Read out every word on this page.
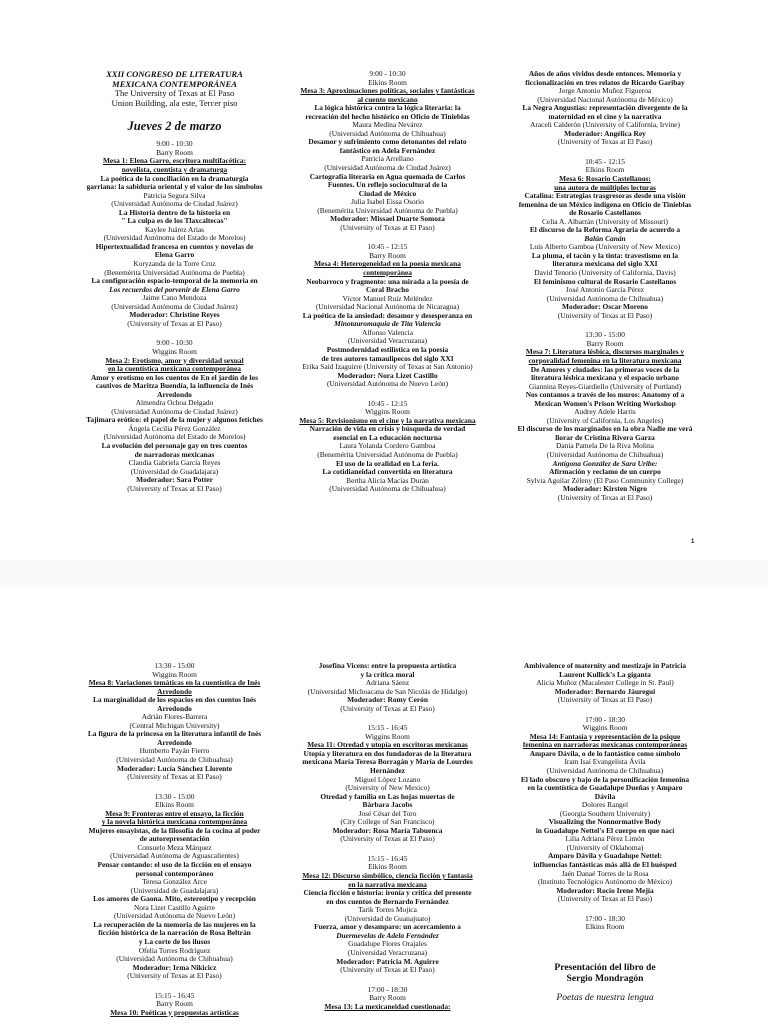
XXII CONGRESO DE LITERATURA
MEXICANA CONTEMPORÁNEA
The University of Texas at El Paso
Union Building, ala este, Tercer piso
Jueves 2 de marzo
9:00 - 10:30
Barry Room
Mesa 1: Elena Garro, escritora multifacética:
novelista, cuentista y dramaturga
La poética de la conciliación en la dramaturgia
garriana: la sabiduría oriental y el valor de los símbolos
Patricia Segura Silva
(Universidad Autónoma de Ciudad Juárez)
La Historia dentro de la historia en
" La culpa es de los Tlaxcaltecas"
Kaylee Juárez Arias
(Universidad Autónoma del Estado de Morelos)
Hipertextualidad francesa en cuentos y novelas de
Elena Garro
Koryzanda de la Torre Cruz
(Benemérita Universidad Autónoma de Puebla)
La configuración espacio-temporal de la memoria en
Los recuerdos del porvenir de Elena Garro
Jaime Cano Mendoza
(Universidad Autónoma de Ciudad Juárez)
Moderador: Christine Reyes
(University of Texas at El Paso)
9:00 - 10:30
Wiggins Room
Mesa 2: Erotismo, amor y diversidad sexual
en la cuentística mexicana contemporánea
Amor y erotismo en los cuentos de En el jardín de los
cautivos de Maritza Buendía, la influencia de Inés
Arredondo
Almendra Ochoa Delgado
(Universidad Autónoma de Ciudad Juárez)
Tajimara erótico: el papel de la mujer y algunos fetiches
Ángela Cecilia Pérez González
(Universidad Autónoma del Estado de Morelos)
La evolución del personaje gay en tres cuentos
de narradoras mexicanas
Claudia Gabriela García Reyes
(Universidad de Guadalajara)
Moderador: Sara Potter
(University of Texas at El Paso)
9:00 - 10:30
Elkins Room
Mesa 3: Aproximaciones políticas, sociales y fantásticas
al cuento mexicano
La lógica histórica contra la lógica literaria: la
recreación del hecho histórico en Oficio de Tinieblas
Maura Medina Nevárez
(Universidad Autónoma de Chihuahua)
Desamor y sufrimiento como detonantes del relato
fantástico en Adela Fernández
Patricia Arrellano
(Universidad Autónoma de Ciudad Juárez)
Cartografía literaria en Agua quemada de Carlos
Fuentes. Un reflejo sociocultural de la
Ciudad de México
Julia Isabel Eissa Osorio
(Benemérita Universidad Autónoma de Puebla)
Moderador: Missael Duarte Somoza
(University of Texas at El Paso)
10:45 - 12:15
Barry Room
Mesa 4: Heterogeneidad en la poesía mexicana
contemporánea
Neobarroco y fragmento: una mirada a la poesía de
Coral Bracho
Víctor Manuel Ruiz Meléndez
(Universidad Nacional Autónoma de Nicaragua)
La poética de la ansiedad: desamor y desesperanza en
Minotauromaquia de Tita Valencia
Alfonso Valencia
(Universidad Veracruzana)
Postmodernidad estilística en la poesía
de tres autores tamaulipecos del siglo XXI
Erika Said Izaguirre (University of Texas at San Antonio)
Moderador: Nora Lizet Castillo
(Universidad Autónoma de Nuevo León)
10:45 - 12:15
Wiggins Room
Mesa 5: Revisionismo en el cine y la narrativa mexicana
Narración de vida en crisis y búsqueda de verdad
esencial en La educación nocturna
Laura Yolanda Cordero Gamboa
(Benemérita Universidad Autónoma de Puebla)
El uso de la oralidad en La feria.
La cotidianeidad convertida en literatura
Bertha Alicia Macías Durán
(Universidad Autónoma de Chihuahua)
Años de años vividos desde entonces. Memoria y
ficcionalización en tres relatos de Ricardo Garibay
Jorge Antonio Muñoz Figueroa
(Universidad Nacional Autónoma de México)
La Negra Angustias: representación divergente de la
maternidad en el cine y la narrativa
Araceli Calderón (University of California, Irvine)
Moderador: Angélica Rey
(University of Texas at El Paso)
10:45 - 12:15
Elkins Room
Mesa 6: Rosario Castellanos:
una autora de múltiples lecturas
Catalina: Estrategias trasgresoras desde una visión
femenina de un México indígena en Oficio de Tinieblas
de Rosario Castellanos
Celia A. Albarrán (University of Missouri)
El discurso de la Reforma Agraria de acuerdo a
Balún Canán
Luis Alberto Gamboa (University of New Mexico)
La pluma, el tacón y la tinta: travestismo en la
literatura mexicana del siglo XXI
David Tenorio (University of California, Davis)
El feminismo cultural de Rosario Castellanos
José Antonio García Pérez
(Universidad Autónoma de Chihuahua)
Moderador: Oscar Moreno
(University of Texas at El Paso)
13:30 - 15:00
Barry Room
Mesa 7: Literatura lésbica, discursos marginales y
corporalidad femenina en la literatura mexicana
De Amores y ciudades: las primeras voces de la
literatura lésbica mexicana y el espacio urbano
Giannina Reyes-Giardiello (University of Portland)
Nos contamos a través de los muros: Anatomy of a
Mexican Women's Prison Writing Workshop
Audrey Adele Harris
(University of California, Los Angeles)
El discurso de los marginados en la obra Nadie me verá
llorar de Cristina Rivera Garza
Dania Pamela De la Riva Molina
(Universidad Autónoma de Chihuahua)
Antígona González de Sara Uribe:
Afirmación y reclamo de un cuerpo
Sylvia Aguilar Zéleny (El Paso Community College)
Moderador: Kirsten Nigro
(University of Texas at El Paso)
1
13:30 - 15:00
Wiggins Room
Mesa 8: Variaciones temáticas en la cuentística de Inés
Arredondo
La marginalidad de los espacios en dos cuentos Inés
Arredondo
Adrián Flores-Barrera
(Central Michigan University)
La figura de la princesa en la literatura infantil de Inés
Arredondo
Humberto Payán Fierro
(Universidad Autónoma de Chihuahua)
Moderador: Lucía Sánchez Llorente
(University of Texas at El Paso)
13:30 - 15:00
Elkins Room
Mesa 9: Fronteras entre el ensayo, la ficción
y la novela histórica mexicana contemporánea
Mujeres ensayistas, de la filosofía de la cocina al poder
de autorepresentación
Consuelo Meza Márquez
(Universidad Autónoma de Aguascalientes)
Pensar contando: el uso de la ficción en el ensayo
personal contemporáneo
Teresa González Arce
(Universidad de Guadalajara)
Los amores de Gaona. Mito, estereotipo y recepción
Nora Lizet Castillo Aguirre
(Universidad Autónoma de Nuevo León)
La recuperación de la memoria de las mujeres en la
ficción histórica de la narración de Rosa Beltrán
y La corte de los ilusos
Ofelia Torres Rodríguez
(Universidad Autónoma de Chihuahua)
Moderador: Irma Nikicicz
(University of Texas at El Paso)
15:15 - 16:45
Barry Room
Mesa 10: Poéticas y propuestas artísticas
Josefina Vicens: entre la propuesta artística
y la crítica moral
Adriana Sáenz
(Universidad Michoacana de San Nicolás de Hidalgo)
Moderador: Romy Cerón
(University of Texas at El Paso)
15:15 - 16:45
Wiggins Room
Mesa 11: Otredad y utopía en escritoras mexicanas
Utopía y literatura en dos fundadoras de la literatura
mexicana María Teresa Borragán y María de Lourdes
Hernández
Miguel López Lozano
(University of New Mexico)
Otredad y familia en Las hojas muertas de
Bárbara Jacobs
José César del Toro
(City College of San Francisco)
Moderador: Rosa María Tabuenca
(University of Texas at El Paso)
15:15 - 16:45
Elkins Room
Mesa 12: Discurso simbólico, ciencia ficción y fantasía
en la narrativa mexicana
Ciencia ficción e historia: ironía y crítica del presente
en dos cuentos de Bernardo Fernández
Tarik Torres Mojica
(Universidad de Guanajuato)
Fuerza, amor y desamparo: un acercamiento a
Duermevelas de Adela Fernández
Guadalupe Flores Orajales
(Universidad Veracruzana)
Moderador: Patricia M. Aguirre
(University of Texas at El Paso)
17:00 - 18:30
Barry Room
Mesa 13: La mexicaneidad cuestionada:
Ambivalence of maternity and mestizaje in Patricia
Laurent Kullick's La giganta
Alicia Muñoz (Macalester College in St. Paul)
Moderador: Bernardo Jáuregui
(University of Texas at El Paso)
17:00 - 18:30
Wiggins Room
Mesa 14: Fantasía y representación de la psique
femenina en narradoras mexicanas contemporáneas
Amparo Dávila, o de lo fantástico como símbolo
Iram Isaí Evangelista Ávila
(Universidad Autónoma de Chihuahua)
El lado obscuro y bajo de la personificación femenina
en la cuentística de Guadalupe Dueñas y Amparo
Dávila
Dolores Rangel
(Georgia Southern University)
Visualizing the Nonnormative Body
in Guadalupe Nettel's El cuerpo en que nací
Lilia Adriana Pérez Limón
(University of Oklahoma)
Amparo Dávila y Guadalupe Nettel:
influencias fantásticas más allá de El huésped
Jaén Danaé Torres de la Rosa
(Instituto Tecnológico Autónomo de México)
Moderador: Rocío Irene Mejía
(University of Texas at El Paso)
17:00 - 18:30
Elkins Room
Presentación del libro de
Sergio Mondragón
Poetas de nuestra lengua
